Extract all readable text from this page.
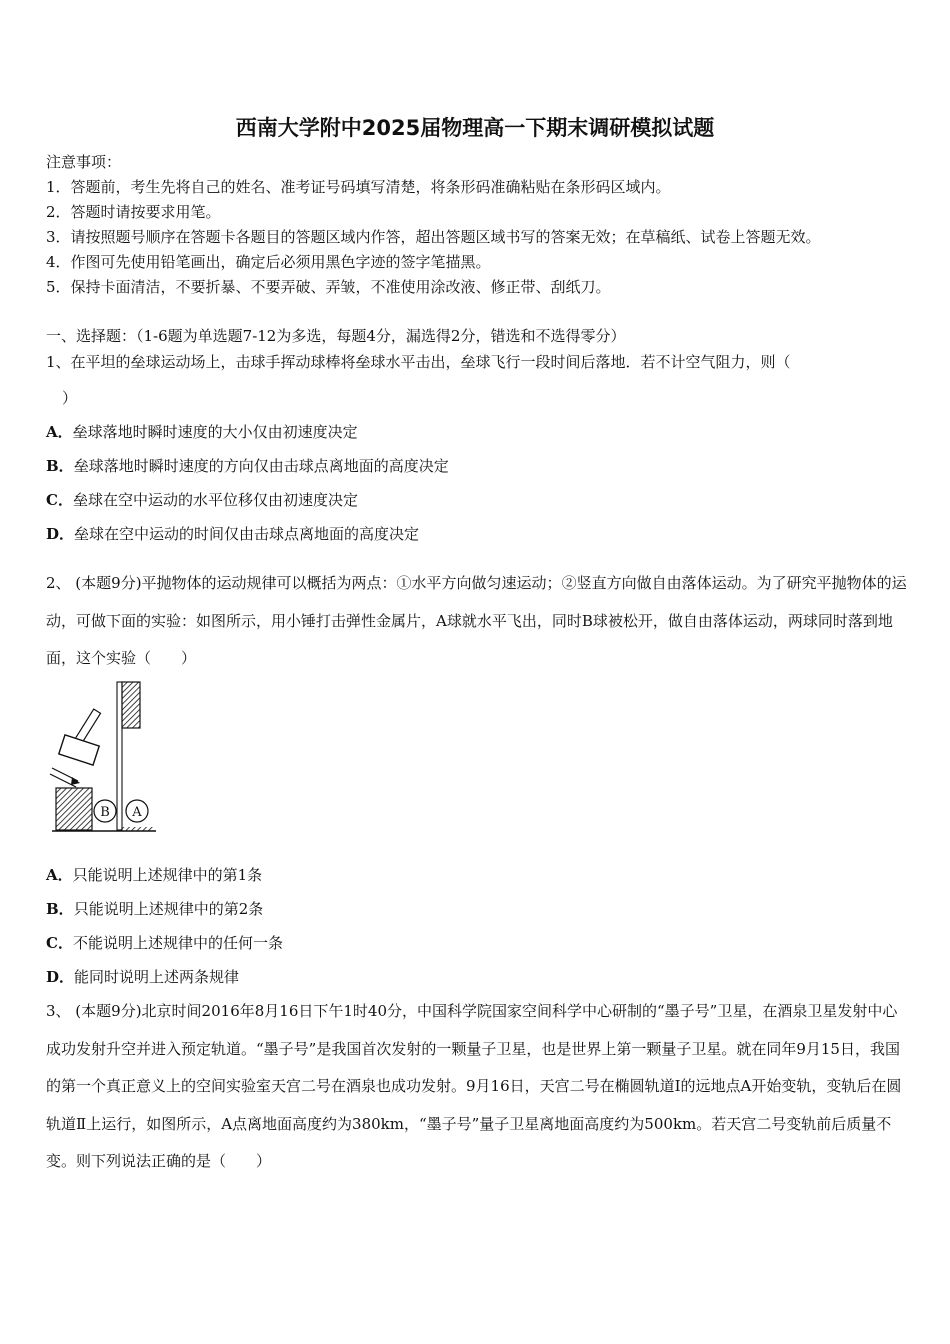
西南大学附中2025届物理高一下期末调研模拟试题
注意事项：
1．答题前，考生先将自己的姓名、准考证号码填写清楚，将条形码准确粘贴在条形码区域内。
2．答题时请按要求用笔。
3．请按照题号顺序在答题卡各题目的答题区域内作答，超出答题区域书写的答案无效；在草稿纸、试卷上答题无效。
4．作图可先使用铅笔画出，确定后必须用黑色字迹的签字笔描黑。
5．保持卡面清洁，不要折暴、不要弄破、弄皱，不准使用涂改液、修正带、刮纸刀。
一、选择题：（1-6题为单选题7-12为多选，每题4分，漏选得2分，错选和不选得零分）
1、在平坦的垒球运动场上，击球手挥动球棒将垒球水平击出，垒球飞行一段时间后落地．若不计空气阻力，则（
）
A．垒球落地时瞬时速度的大小仅由初速度决定
B．垒球落地时瞬时速度的方向仅由击球点离地面的高度决定
C．垒球在空中运动的水平位移仅由初速度决定
D．垒球在空中运动的时间仅由击球点离地面的高度决定
2、 (本题9分)平抛物体的运动规律可以概括为两点：①水平方向做匀速运动；②竖直方向做自由落体运动。为了研究平抛物体的运动，可做下面的实验：如图所示，用小锤打击弹性金属片，A球就水平飞出，同时B球被松开，做自由落体运动，两球同时落到地面，这个实验（　　）
B A
A．只能说明上述规律中的第1条
B．只能说明上述规律中的第2条
C．不能说明上述规律中的任何一条
D．能同时说明上述两条规律
3、 (本题9分)北京时间2016年8月16日下午1时40分，中国科学院国家空间科学中心研制的“墨子号”卫星，在酒泉卫星发射中心成功发射升空并进入预定轨道。“墨子号”是我国首次发射的一颗量子卫星，也是世界上第一颗量子卫星。就在同年9月15日，我国的第一个真正意义上的空间实验室天宫二号在酒泉也成功发射。9月16日，天宫二号在椭圆轨道Ⅰ的远地点A开始变轨，变轨后在圆轨道Ⅱ上运行，如图所示，A点离地面高度约为380km，“墨子号”量子卫星离地面高度约为500km。若天宫二号变轨前后质量不变。则下列说法正确的是（　　）
